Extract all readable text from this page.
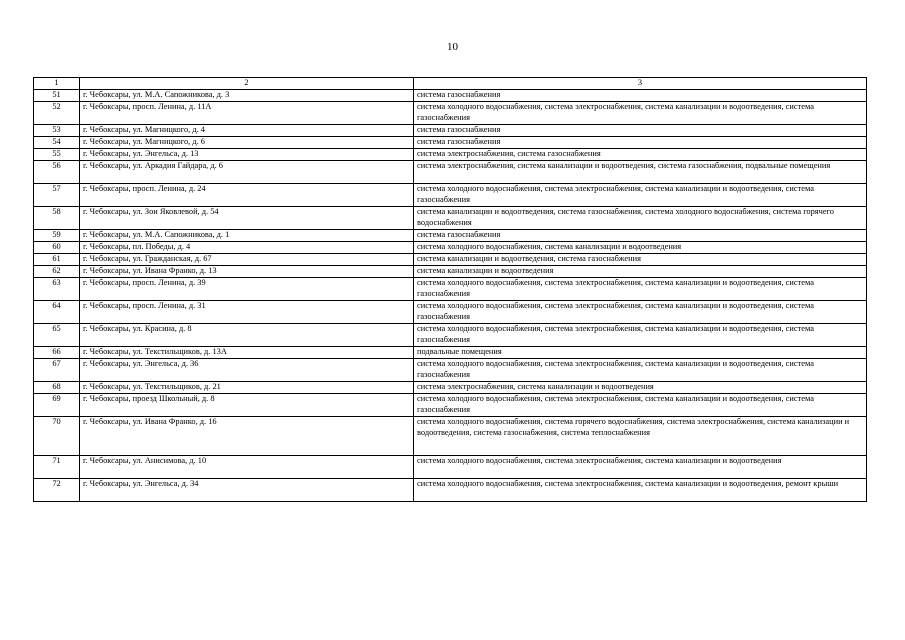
10
1	2	3
51	г. Чебоксары, ул. М.А. Сапожникова, д. 3	система газоснабжения
52	г. Чебоксары, просп. Ленина, д. 11А	система холодного водоснабжения, система электроснабжения, система канализации и водоотведения, система газоснабжения
53	г. Чебоксары, ул. Магницкого, д. 4	система газоснабжения
54	г. Чебоксары, ул. Магницкого, д. 6	система газоснабжения
55	г. Чебоксары, ул. Энгельса, д. 13	система электроснабжения, система газоснабжения
56	г. Чебоксары, ул. Аркадия Гайдара, д. 6	система электроснабжения, система канализации и водоотведения, система газоснабжения, подвальные помещения
57	г. Чебоксары, просп. Ленина, д. 24	система холодного водоснабжения, система электроснабжения, система канализации и водоотведения, система газоснабжения
58	г. Чебоксары, ул. Зои Яковлевой, д. 54	система канализации и водоотведения, система газоснабжения, система холодного водоснабжения, система горячего водоснабжения
59	г. Чебоксары, ул. М.А. Сапожникова, д. 1	система газоснабжения
60	г. Чебоксары, пл. Победы, д. 4	система холодного водоснабжения, система канализации и водоотведения
61	г. Чебоксары, ул. Гражданская, д. 67	система канализации и водоотведения, система газоснабжения
62	г. Чебоксары, ул. Ивана Франко, д. 13	система канализации и водоотведения
63	г. Чебоксары, просп. Ленина, д. 39	система холодного водоснабжения, система электроснабжения, система канализации и водоотведения, система газоснабжения
64	г. Чебоксары, просп. Ленина, д. 31	система холодного водоснабжения, система электроснабжения, система канализации и водоотведения, система газоснабжения
65	г. Чебоксары, ул. Красина, д. 8	система холодного водоснабжения, система электроснабжения, система канализации и водоотведения, система газоснабжения
66	г. Чебоксары, ул. Текстильщиков, д. 13А	подвальные помещения
67	г. Чебоксары, ул. Энгельса, д. 36	система холодного водоснабжения, система электроснабжения, система канализации и водоотведения, система газоснабжения
68	г. Чебоксары, ул. Текстильщиков, д. 21	система электроснабжения, система канализации и водоотведения
69	г. Чебоксары, проезд Школьный, д. 8	система холодного водоснабжения, система электроснабжения, система канализации и водоотведения, система газоснабжения
70	г. Чебоксары, ул. Ивана Франко, д. 16	система холодного водоснабжения, система горячего водоснабжения, система электроснабжения, система канализации и водоотведения, система газоснабжения, система теплоснабжения
71	г. Чебоксары, ул. Анисимова, д. 10	система холодного водоснабжения, система электроснабжения, система канализации и водоотведения
72	г. Чебоксары, ул. Энгельса, д. 34	система холодного водоснабжения, система электроснабжения, система канализации и водоотведения, ремонт крыши
